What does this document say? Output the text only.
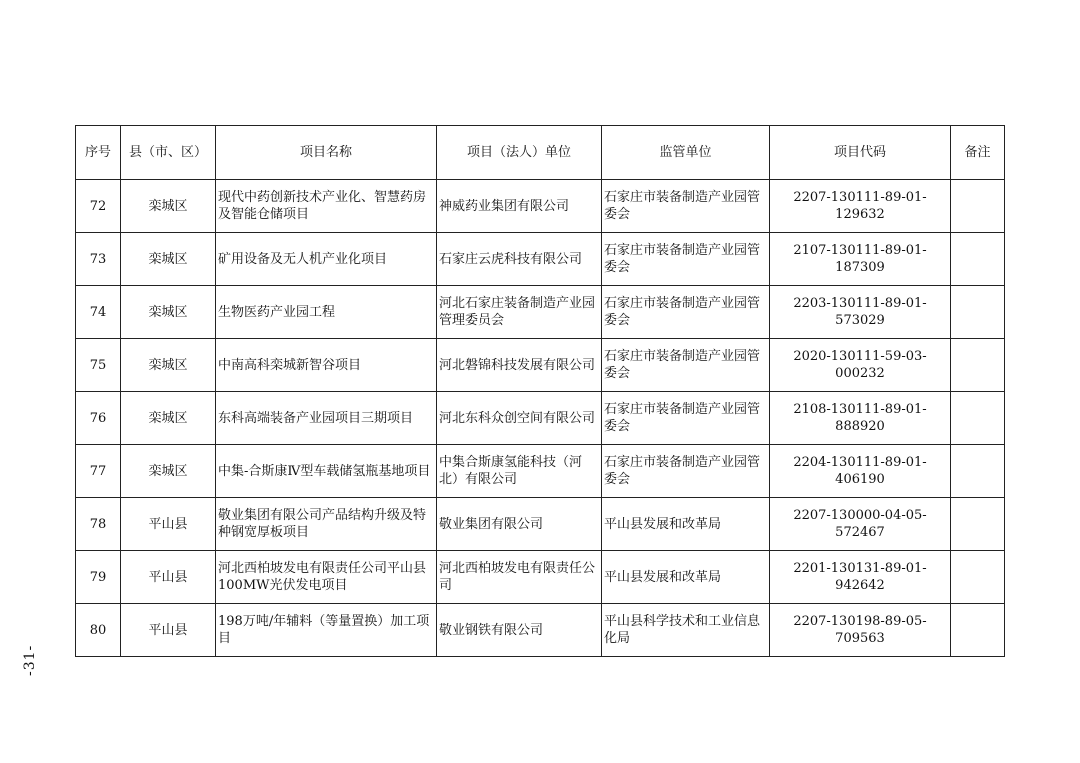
-31-
序号	县（市、区）	项目名称	项目（法人）单位	监管单位	项目代码	备注
72	栾城区	现代中药创新技术产业化、智慧药房及智能仓储项目	神威药业集团有限公司	石家庄市装备制造产业园管委会	2207-130111-89-01-129632	
73	栾城区	矿用设备及无人机产业化项目	石家庄云虎科技有限公司	石家庄市装备制造产业园管委会	2107-130111-89-01-187309	
74	栾城区	生物医药产业园工程	河北石家庄装备制造产业园管理委员会	石家庄市装备制造产业园管委会	2203-130111-89-01-573029	
75	栾城区	中南高科栾城新智谷项目	河北磐锦科技发展有限公司	石家庄市装备制造产业园管委会	2020-130111-59-03-000232	
76	栾城区	东科高端装备产业园项目三期项目	河北东科众创空间有限公司	石家庄市装备制造产业园管委会	2108-130111-89-01-888920	
77	栾城区	中集-合斯康Ⅳ型车载储氢瓶基地项目	中集合斯康氢能科技（河北）有限公司	石家庄市装备制造产业园管委会	2204-130111-89-01-406190	
78	平山县	敬业集团有限公司产品结构升级及特种钢宽厚板项目	敬业集团有限公司	平山县发展和改革局	2207-130000-04-05-572467	
79	平山县	河北西柏坡发电有限责任公司平山县100MW光伏发电项目	河北西柏坡发电有限责任公司	平山县发展和改革局	2201-130131-89-01-942642	
80	平山县	198万吨/年辅料（等量置换）加工项目	敬业钢铁有限公司	平山县科学技术和工业信息化局	2207-130198-89-05-709563	
